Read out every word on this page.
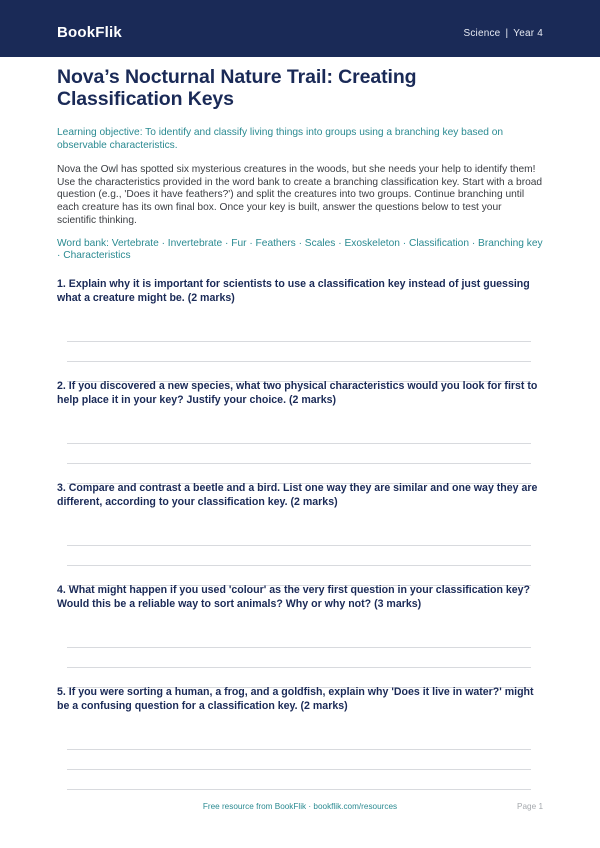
BookFlik	Science | Year 4
Nova’s Nocturnal Nature Trail: Creating Classification Keys

Learning objective: To identify and classify living things into groups using a branching key based on observable characteristics.

Nova the Owl has spotted six mysterious creatures in the woods, but she needs your help to identify them! Use the characteristics provided in the word bank to create a branching classification key. Start with a broad question (e.g., 'Does it have feathers?') and split the creatures into two groups. Continue branching until each creature has its own final box. Once your key is built, answer the questions below to test your scientific thinking.

Word bank: Vertebrate · Invertebrate · Fur · Feathers · Scales · Exoskeleton · Classification · Branching key · Characteristics

1. Explain why it is important for scientists to use a classification key instead of just guessing what a creature might be. (2 marks)
2. If you discovered a new species, what two physical characteristics would you look for first to help place it in your key? Justify your choice. (2 marks)
3. Compare and contrast a beetle and a bird. List one way they are similar and one way they are different, according to your classification key. (2 marks)
4. What might happen if you used 'colour' as the very first question in your classification key? Would this be a reliable way to sort animals? Why or why not? (3 marks)
5. If you were sorting a human, a frog, and a goldfish, explain why 'Does it live in water?' might be a confusing question for a classification key. (2 marks)
Free resource from BookFlik · bookflik.com/resources	Page 1
